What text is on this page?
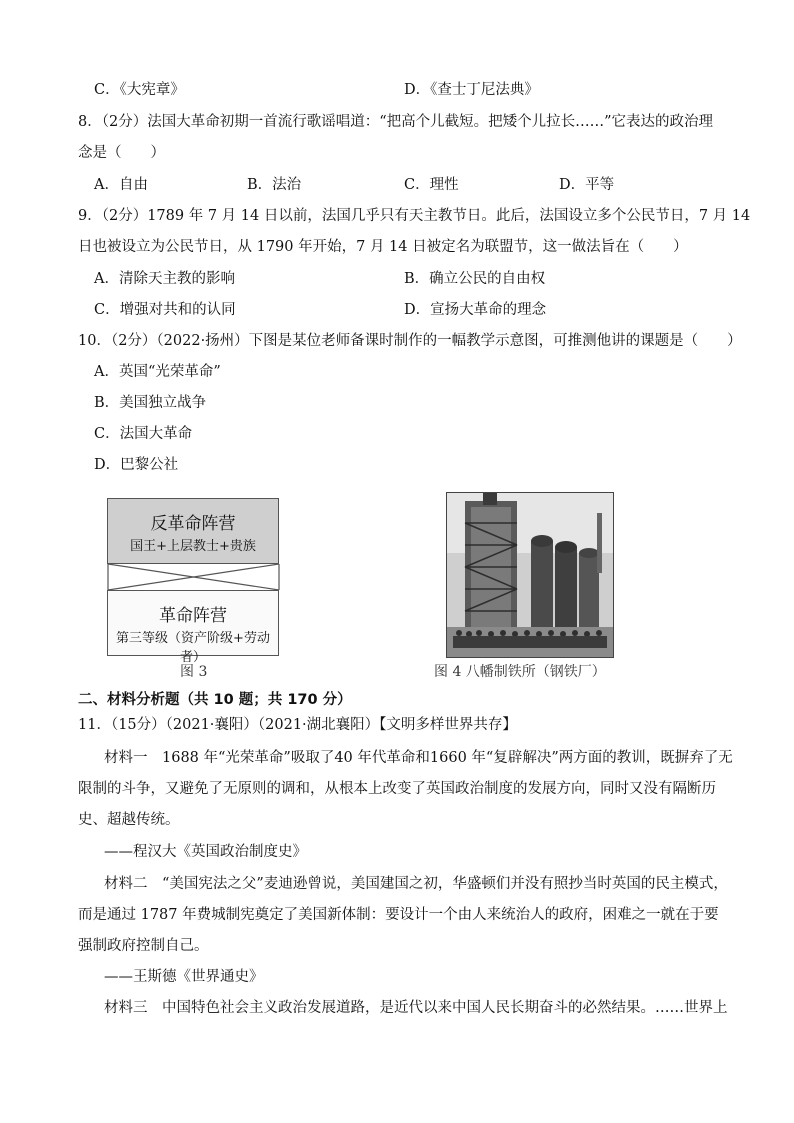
C．《大宪章》	D．《查士丁尼法典》
8．（2分）法国大革命初期一首流行歌谣唱道：“把高个儿截短。把矮个儿拉长……”它表达的政治理
念是（　　）
A．自由	B．法治	C．理性	D．平等
9．（2分）1789 年 7 月 14 日以前，法国几乎只有天主教节日。此后，法国设立多个公民节日，7 月 14
日也被设立为公民节日，从 1790 年开始，7 月 14 日被定名为联盟节，这一做法旨在（　　）
A．清除天主教的影响	B．确立公民的自由权
C．增强对共和的认同	D．宣扬大革命的理念
10．（2分）（2022·扬州）下图是某位老师备课时制作的一幅教学示意图，可推测他讲的课题是（　　）
A．英国“光荣革命”
B．美国独立战争
C．法国大革命
D．巴黎公社
反革命阵营
国王+上层教士+贵族
革命阵营
第三等级（资产阶级+劳动者）
图 3	图 4 八幡制铁所（钢铁厂）
二、材料分析题（共 10 题；共 170 分）
11．（15分）（2021·襄阳）（2021·湖北襄阳）【文明多样世界共存】
材料一　1688 年“光荣革命”吸取了40 年代革命和1660 年“复辟解决”两方面的教训，既摒弃了无
限制的斗争，又避免了无原则的调和，从根本上改变了英国政治制度的发展方向，同时又没有隔断历
史、超越传统。
——程汉大《英国政治制度史》
材料二　“美国宪法之父”麦迪逊曾说，美国建国之初，华盛顿们并没有照抄当时英国的民主模式，
而是通过 1787 年费城制宪奠定了美国新体制：要设计一个由人来统治人的政府，困难之一就在于要
强制政府控制自己。
——王斯德《世界通史》
材料三　中国特色社会主义政治发展道路，是近代以来中国人民长期奋斗的必然结果。……世界上
